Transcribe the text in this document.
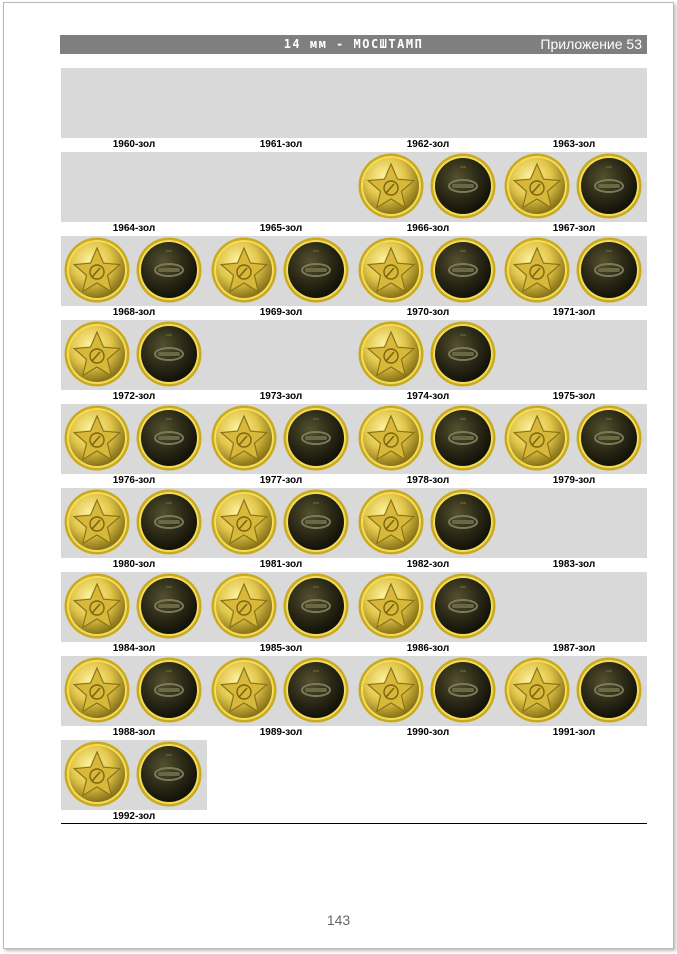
14 мм - МОСШТАМП	Приложение 53
1960-зол	1961-зол	1962-зол	1963-зол
1964-зол	1965-зол	1966-зол	1967-зол
1968-зол	1969-зол	1970-зол	1971-зол
1972-зол	1973-зол	1974-зол	1975-зол
1976-зол	1977-зол	1978-зол	1979-зол
1980-зол	1981-зол	1982-зол	1983-зол
1984-зол	1985-зол	1986-зол	1987-зол
1988-зол	1989-зол	1990-зол	1991-зол
1992-зол
143
